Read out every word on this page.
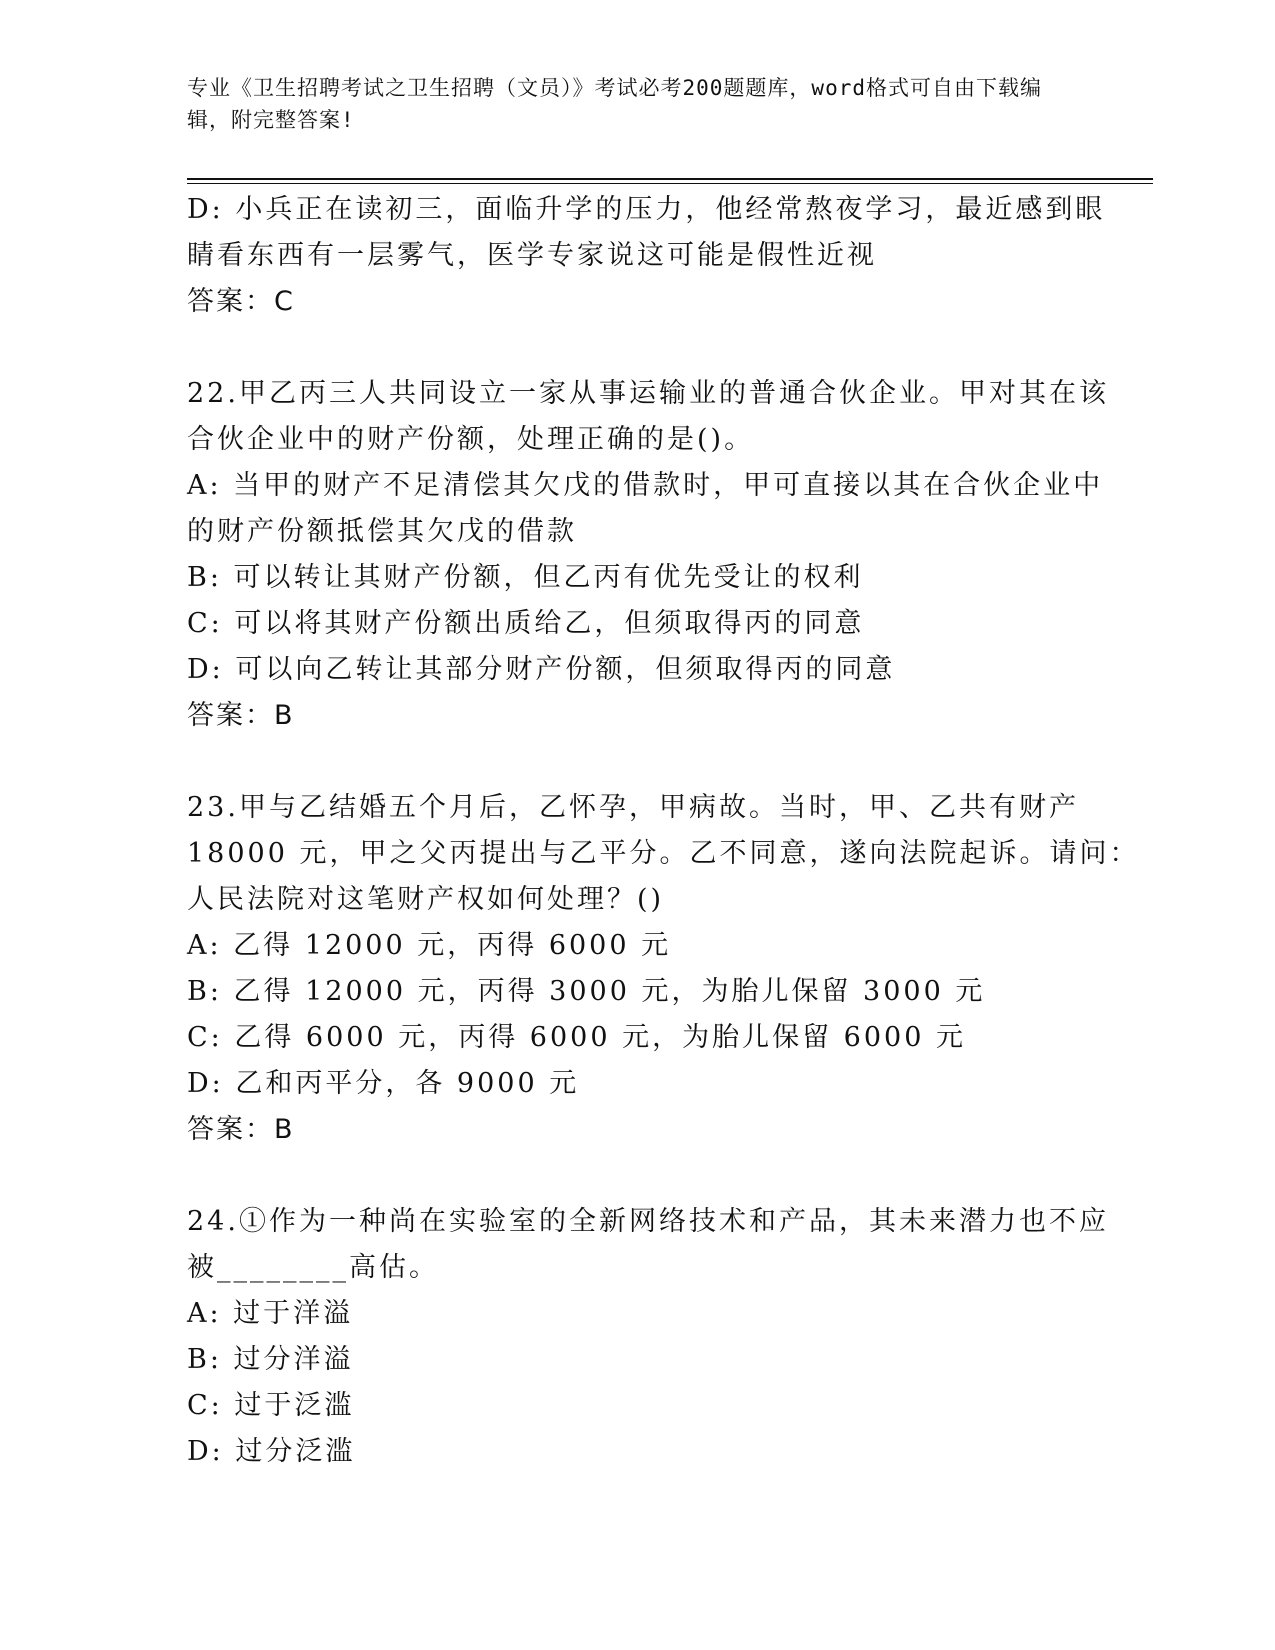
专业《卫生招聘考试之卫生招聘（文员）》考试必考200题题库，word格式可自由下载编辑，附完整答案!
D: 小兵正在读初三，面临升学的压力，他经常熬夜学习，最近感到眼
睛看东西有一层雾气，医学专家说这可能是假性近视
答案：C
22.甲乙丙三人共同设立一家从事运输业的普通合伙企业。甲对其在该
合伙企业中的财产份额，处理正确的是()。
A: 当甲的财产不足清偿其欠戊的借款时，甲可直接以其在合伙企业中
的财产份额抵偿其欠戊的借款
B: 可以转让其财产份额，但乙丙有优先受让的权利
C: 可以将其财产份额出质给乙，但须取得丙的同意
D: 可以向乙转让其部分财产份额，但须取得丙的同意
答案：B
23.甲与乙结婚五个月后，乙怀孕，甲病故。当时，甲、乙共有财产
18000 元，甲之父丙提出与乙平分。乙不同意，遂向法院起诉。请问：
人民法院对这笔财产权如何处理？()
A: 乙得 12000 元，丙得 6000 元
B: 乙得 12000 元，丙得 3000 元，为胎儿保留 3000 元
C: 乙得 6000 元，丙得 6000 元，为胎儿保留 6000 元
D: 乙和丙平分，各 9000 元
答案：B
24.①作为一种尚在实验室的全新网络技术和产品，其未来潜力也不应
被________高估。
A: 过于洋溢
B: 过分洋溢
C: 过于泛滥
D: 过分泛滥
